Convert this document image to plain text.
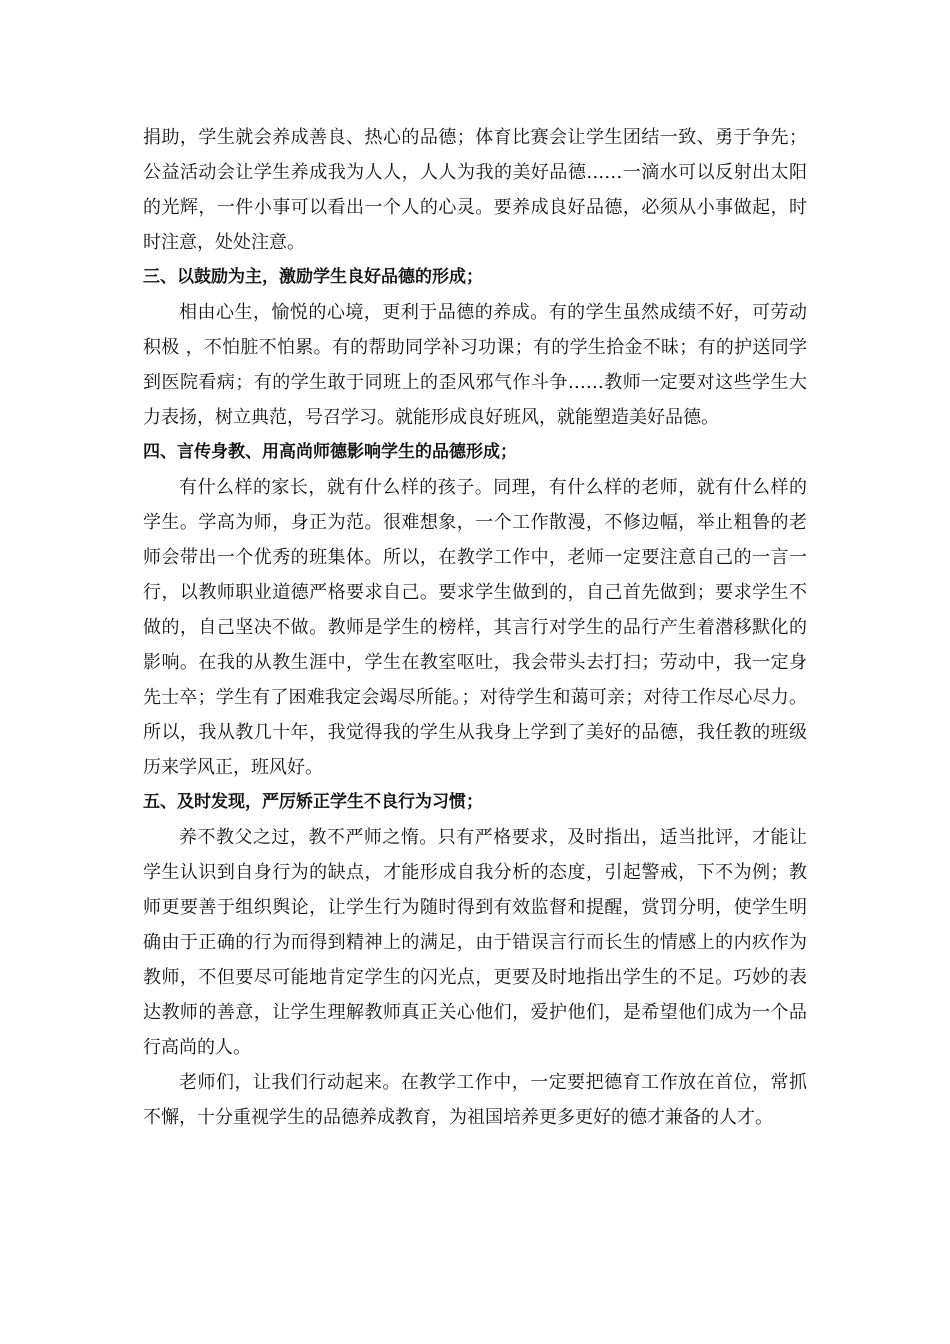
捐助，学生就会养成善良、热心的品德；体育比赛会让学生团结一致、勇于争先；公益活动会让学生养成我为人人，人人为我的美好品德……一滴水可以反射出太阳的光辉，一件小事可以看出一个人的心灵。要养成良好品德，必须从小事做起，时时注意，处处注意。

三、以鼓励为主，激励学生良好品德的形成；

相由心生，愉悦的心境，更利于品德的养成。有的学生虽然成绩不好，可劳动积极 ，不怕脏不怕累。有的帮助同学补习功课；有的学生拾金不昧；有的护送同学到医院看病；有的学生敢于同班上的歪风邪气作斗争……教师一定要对这些学生大力表扬，树立典范，号召学习。就能形成良好班风，就能塑造美好品德。

四、言传身教、用高尚师德影响学生的品德形成；

有什么样的家长，就有什么样的孩子。同理，有什么样的老师，就有什么样的学生。学高为师，身正为范。很难想象，一个工作散漫，不修边幅，举止粗鲁的老师会带出一个优秀的班集体。所以，在教学工作中，老师一定要注意自己的一言一行，以教师职业道德严格要求自己。要求学生做到的，自己首先做到；要求学生不做的，自己坚决不做。教师是学生的榜样，其言行对学生的品行产生着潜移默化的影响。在我的从教生涯中，学生在教室呕吐，我会带头去打扫；劳动中，我一定身先士卒；学生有了困难我定会竭尽所能。；对待学生和蔼可亲；对待工作尽心尽力。所以，我从教几十年，我觉得我的学生从我身上学到了美好的品德，我任教的班级历来学风正，班风好。

五、及时发现，严厉矫正学生不良行为习惯；

养不教父之过，教不严师之惰。只有严格要求，及时指出，适当批评，才能让学生认识到自身行为的缺点，才能形成自我分析的态度，引起警戒，下不为例；教师更要善于组织舆论，让学生行为随时得到有效监督和提醒，赏罚分明，使学生明确由于正确的行为而得到精神上的满足，由于错误言行而长生的情感上的内疚作为教师，不但要尽可能地肯定学生的闪光点，更要及时地指出学生的不足。巧妙的表达教师的善意，让学生理解教师真正关心他们，爱护他们，是希望他们成为一个品行高尚的人。

老师们，让我们行动起来。在教学工作中，一定要把德育工作放在首位，常抓不懈，十分重视学生的品德养成教育，为祖国培养更多更好的德才兼备的人才。
